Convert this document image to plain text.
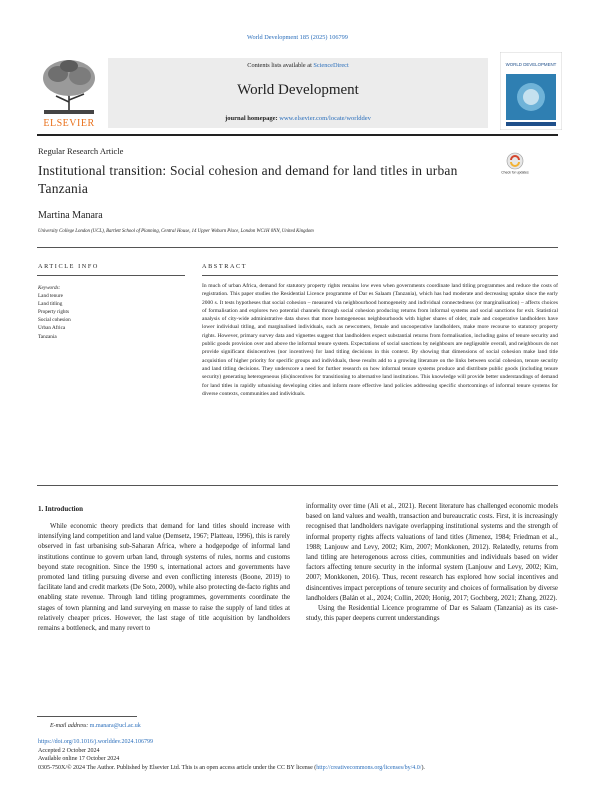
World Development 185 (2025) 106799
Contents lists available at ScienceDirect
World Development
journal homepage: www.elsevier.com/locate/worlddev
ELSEVIER
WORLD DEVELOPMENT
Regular Research Article
Institutional transition: Social cohesion and demand for land titles in urban Tanzania
Check for updates
Martina Manara
University College London (UCL), Bartlett School of Planning, Central House, 14 Upper Woburn Place, London WC1H 0NN, United Kingdom
ARTICLE INFO
Keywords:
Land tenure
Land titling
Property rights
Social cohesion
Urban Africa
Tanzania
ABSTRACT
In much of urban Africa, demand for statutory property rights remains low even when governments coordinate land titling programmes and reduce the costs of registration. This paper studies the Residential Licence programme of Dar es Salaam (Tanzania), which has had moderate and decreasing uptake since the early 2000 s. It tests hypotheses that social cohesion – measured via neighbourhood homogeneity and individual connectedness (or marginalisation) – affects choices of formalisation and explores two potential channels through social cohesion producing returns from informal systems and social sanctions for exit. Statistical analysis of city-wide administrative data shows that more homogeneous neighbourhoods with higher shares of older, male and cooperative landholders have lower individual titling, and marginalised individuals, such as newcomers, female and uncooperative landholders, make more recourse to statutory property rights. However, primary survey data and vignettes suggest that landholders expect substantial returns from formalisation, including gains of tenure security and public goods provision over and above the informal tenure system. Expectations of social sanctions by neighbours are negligeable overall, and neighbours do not provide significant disincentives (nor incentives) for land titling decisions in this context. By showing that dimensions of social cohesion make land title acquisition of higher priority for specific groups and individuals, these results add to a growing literature on the links between social cohesion, tenure security and land titling decisions. They underscore a need for further research on how informal tenure systems produce and distribute public goods (including tenure security) generating heterogeneous (dis)incentives for transitioning to alternative land institutions. This knowledge will provide better understandings of demand for land titles in rapidly urbanising developing cities and inform more effective land policies addressing specific shortcomings of informal tenure systems for diverse contexts, communities and individuals.
1. Introduction

While economic theory predicts that demand for land titles should increase with intensifying land competition and land value (Demsetz, 1967; Platteau, 1996), this is rarely observed in fast urbanising sub-Saharan Africa, where a hodgepodge of informal land institutions continue to govern urban land, through systems of rules, norms and customs beyond state recognition. Since the 1990 s, international actors and governments have promoted land titling pursuing diverse and even conflicting interests (Boone, 2019) to facilitate land and credit markets (De Soto, 2000), while also protecting de-facto rights and enabling state revenue. Through land titling programmes, governments coordinate the stages of town planning and land surveying en masse to raise the supply of land titles at relatively cheaper prices. However, the last stage of title acquisition by landholders remains a bottleneck, and many revert to

informality over time (Ali et al., 2021). Recent literature has challenged economic models based on land values and wealth, transaction and bureaucratic costs. First, it is increasingly recognised that landholders navigate overlapping institutional systems and the strength of informal property rights affects valuations of land titles (Jimenez, 1984; Friedman et al., 1988; Lanjouw and Levy, 2002; Kim, 2007; Monkkonen, 2012). Relatedly, returns from land titling are heterogenous across cities, communities and individuals based on wider factors affecting tenure security in the informal system (Lanjouw and Levy, 2002; Kim, 2007; Monkkonen, 2016). Thus, recent research has explored how social incentives and disincentives impact perceptions of tenure security and choices of formalisation by diverse landholders (Balán et al., 2024; Collin, 2020; Honig, 2017; Gochberg, 2021; Zhang, 2022).

Using the Residential Licence programme of Dar es Salaam (Tanzania) as its case-study, this paper deepens current understandings

E-mail address: m.manara@ucl.ac.uk
https://doi.org/10.1016/j.worlddev.2024.106799
Accepted 2 October 2024
Available online 17 October 2024
0305-750X/© 2024 The Author. Published by Elsevier Ltd. This is an open access article under the CC BY license (http://creativecommons.org/licenses/by/4.0/).
